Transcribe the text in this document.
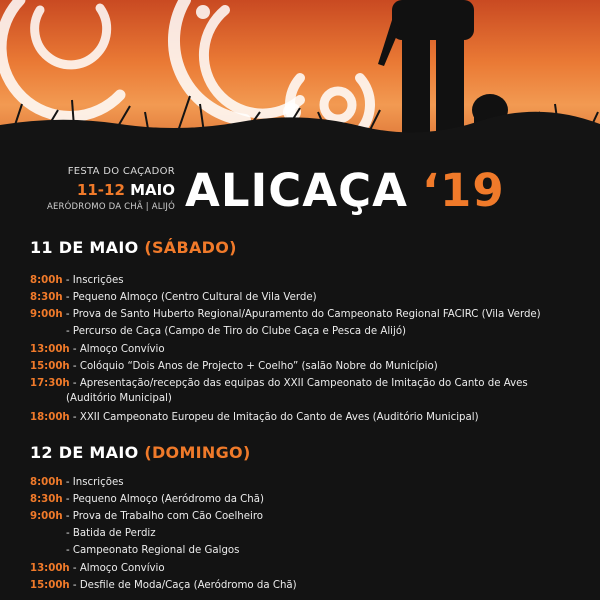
FESTA DO CAÇADOR
11-12 MAIO
AERÓDROMO DA CHÃ | ALIJÓ ALICAÇA ‘19
11 DE MAIO (SÁBADO)
8:00h - Inscrições
8:30h - Pequeno Almoço (Centro Cultural de Vila Verde)
9:00h - Prova de Santo Huberto Regional/Apuramento do Campeonato Regional FACIRC (Vila Verde)
- Percurso de Caça (Campo de Tiro do Clube Caça e Pesca de Alijó)
13:00h - Almoço Convívio
15:00h - Colóquio “Dois Anos de Projecto + Coelho” (salão Nobre do Município)
17:30h - Apresentação/recepção das equipas do XXII Campeonato de Imitação do Canto de Aves
(Auditório Municipal)
18:00h - XXII Campeonato Europeu de Imitação do Canto de Aves (Auditório Municipal)
12 DE MAIO (DOMINGO)
8:00h - Inscrições
8:30h - Pequeno Almoço (Aeródromo da Chã)
9:00h - Prova de Trabalho com Cão Coelheiro
- Batida de Perdiz
- Campeonato Regional de Galgos
13:00h - Almoço Convívio
15:00h - Desfile de Moda/Caça (Aeródromo da Chã)
